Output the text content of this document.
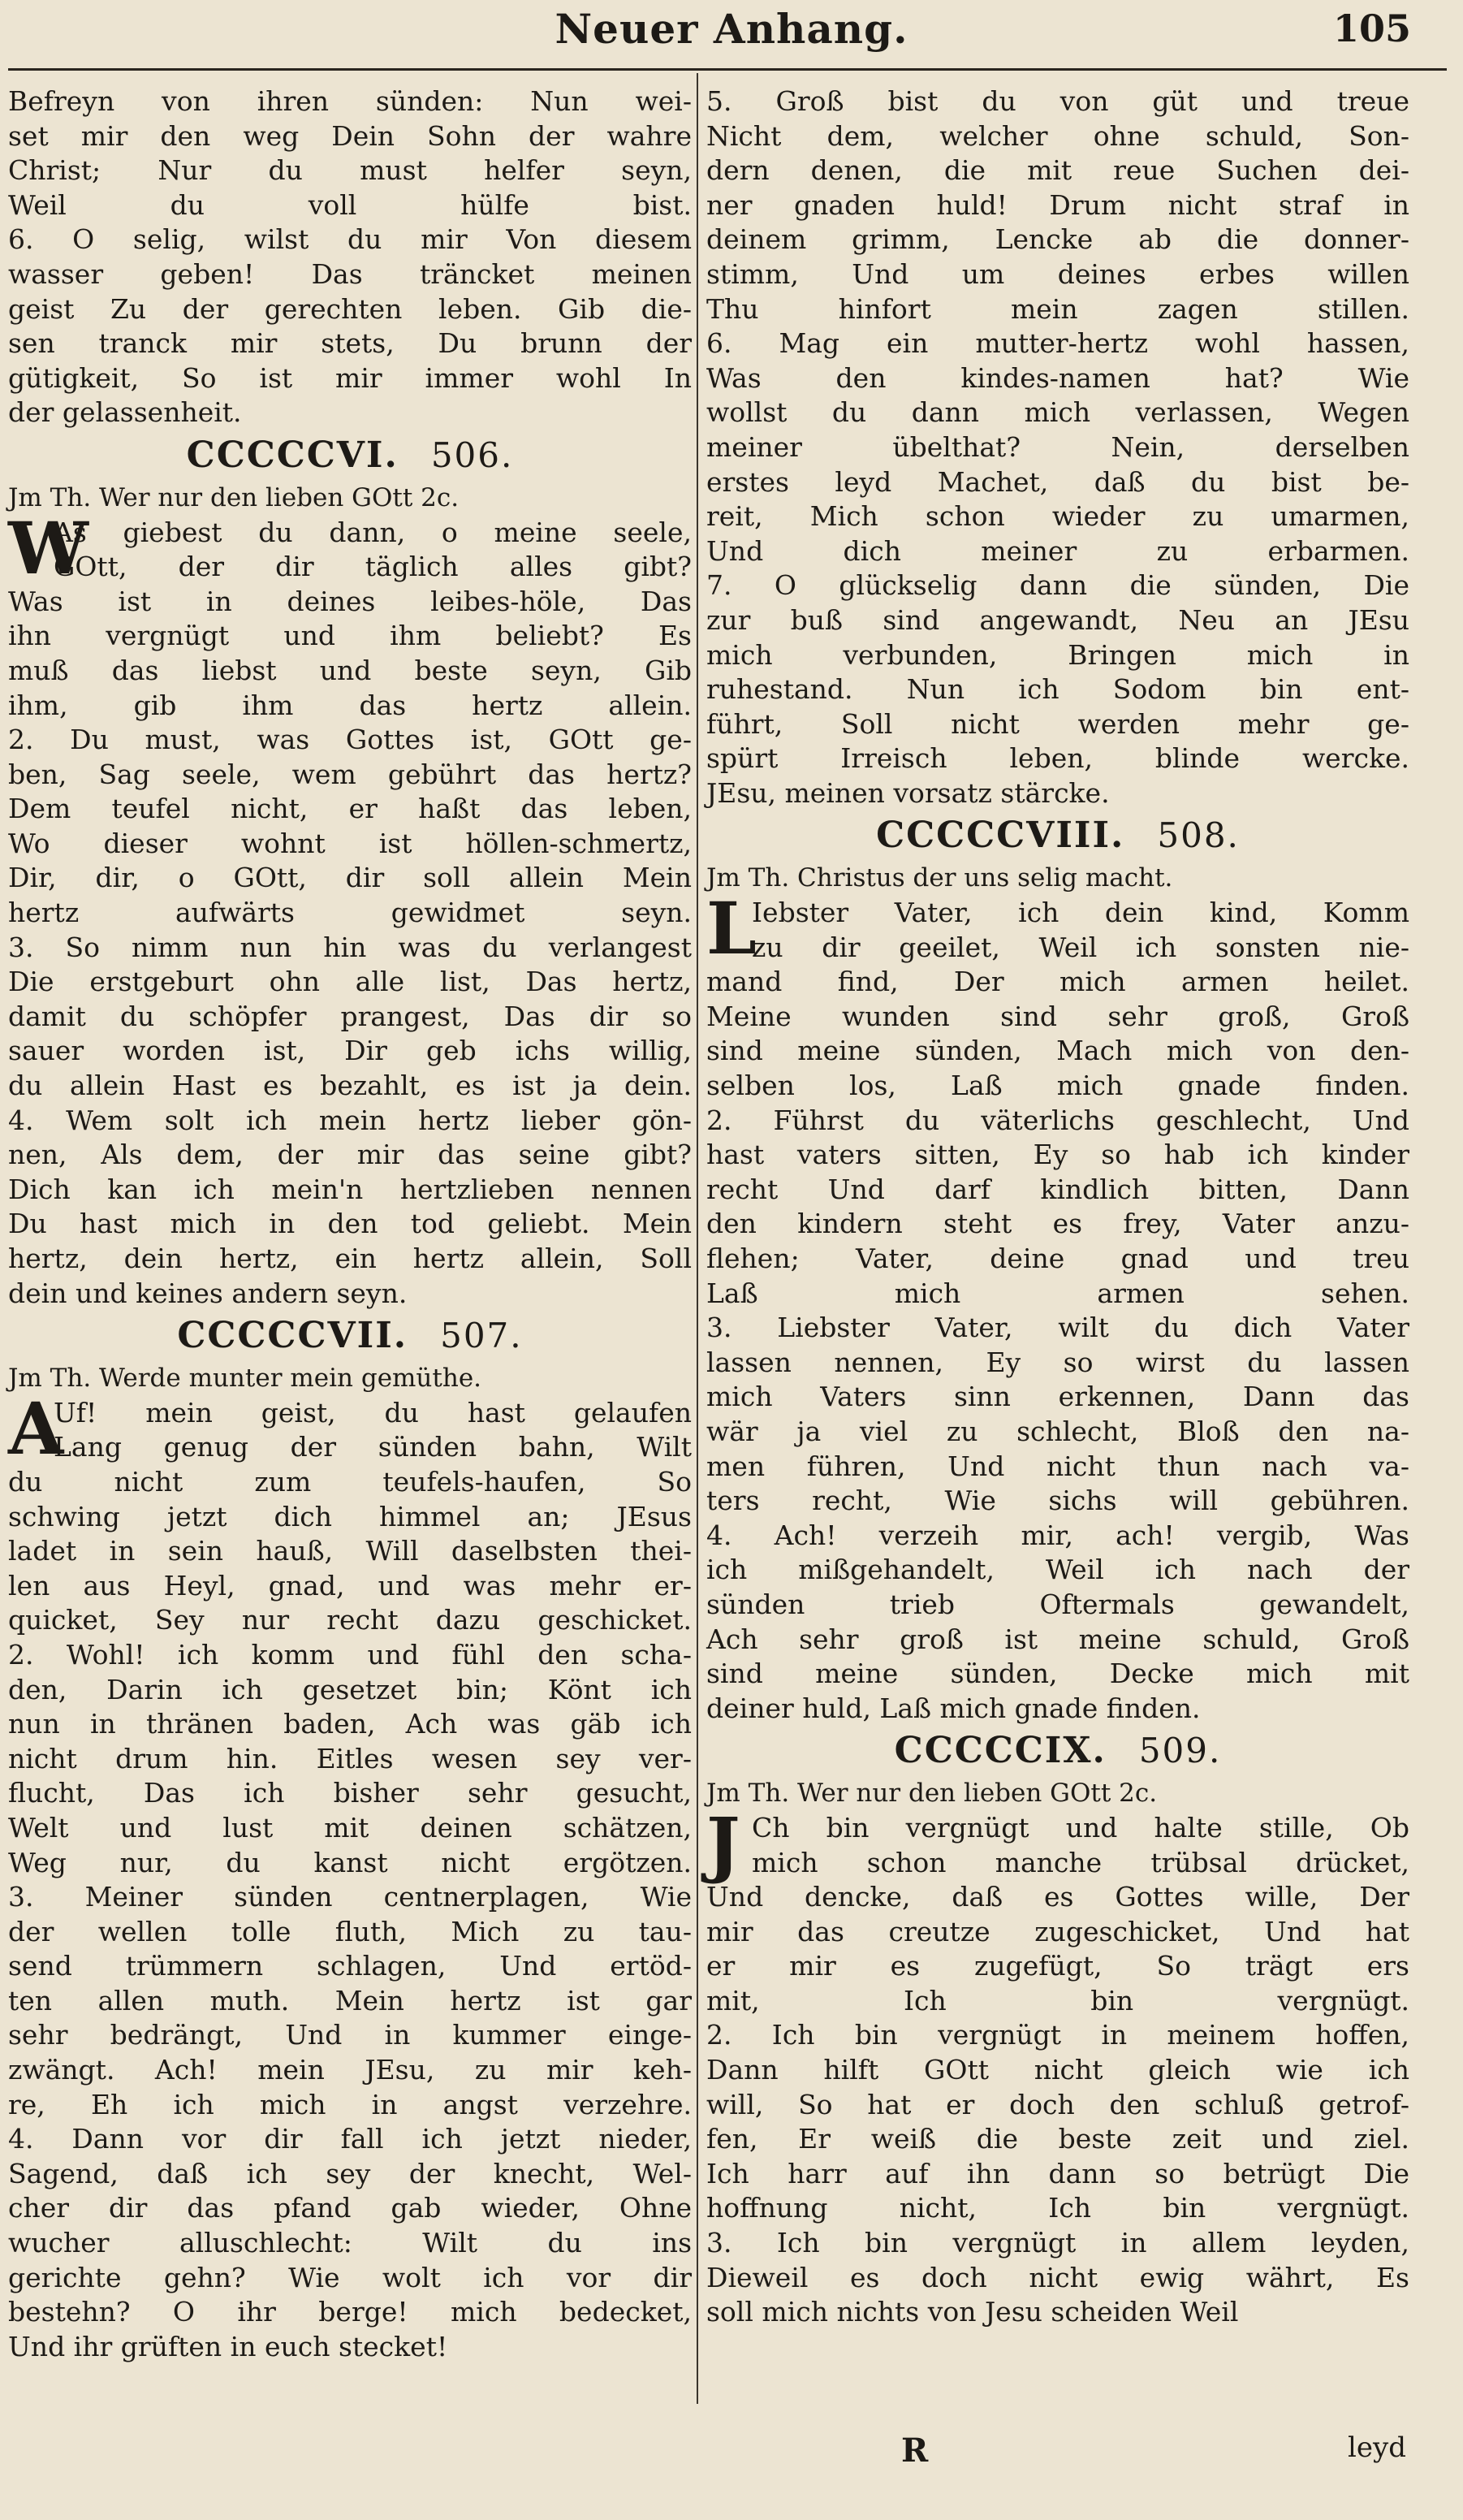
Neuer Anhang.	105
Befreyn von ihren sünden: Nun wei-
set mir den weg Dein Sohn der wahre
Christ; Nur du must helfer seyn,
Weil du voll hülfe bist.
6. O selig, wilst du mir Von diesem
wasser geben! Das träncket meinen
geist Zu der gerechten leben. Gib die-
sen tranck mir stets, Du brunn der
gütigkeit, So ist mir immer wohl In
der gelassenheit.
CCCCCVI. 506.
Jm Th. Wer nur den lieben GOtt 2c.
W
As giebest du dann, o meine seele,
GOtt, der dir täglich alles gibt?
Was ist in deines leibes-höle, Das
ihn vergnügt und ihm beliebt? Es
muß das liebst und beste seyn, Gib
ihm, gib ihm das hertz allein.
2. Du must, was Gottes ist, GOtt ge-
ben, Sag seele, wem gebührt das hertz?
Dem teufel nicht, er haßt das leben,
Wo dieser wohnt ist höllen-schmertz,
Dir, dir, o GOtt, dir soll allein Mein
hertz aufwärts gewidmet seyn.
3. So nimm nun hin was du verlangest
Die erstgeburt ohn alle list, Das hertz,
damit du schöpfer prangest, Das dir so
sauer worden ist, Dir geb ichs willig,
du allein Hast es bezahlt, es ist ja dein.
4. Wem solt ich mein hertz lieber gön-
nen, Als dem, der mir das seine gibt?
Dich kan ich mein'n hertzlieben nennen
Du hast mich in den tod geliebt. Mein
hertz, dein hertz, ein hertz allein, Soll
dein und keines andern seyn.
CCCCCVII. 507.
Jm Th. Werde munter mein gemüthe.
A
Uf! mein geist, du hast gelaufen
Lang genug der sünden bahn, Wilt
du nicht zum teufels-haufen, So
schwing jetzt dich himmel an; JEsus
ladet in sein hauß, Will daselbsten thei-
len aus Heyl, gnad, und was mehr er-
quicket, Sey nur recht dazu geschicket.
2. Wohl! ich komm und fühl den scha-
den, Darin ich gesetzet bin; Könt ich
nun in thränen baden, Ach was gäb ich
nicht drum hin. Eitles wesen sey ver-
flucht, Das ich bisher sehr gesucht,
Welt und lust mit deinen schätzen,
Weg nur, du kanst nicht ergötzen.
3. Meiner sünden centnerplagen, Wie
der wellen tolle fluth, Mich zu tau-
send trümmern schlagen, Und ertöd-
ten allen muth. Mein hertz ist gar
sehr bedrängt, Und in kummer einge-
zwängt. Ach! mein JEsu, zu mir keh-
re, Eh ich mich in angst verzehre.
4. Dann vor dir fall ich jetzt nieder,
Sagend, daß ich sey der knecht, Wel-
cher dir das pfand gab wieder, Ohne
wucher alluschlecht: Wilt du ins
gerichte gehn? Wie wolt ich vor dir
bestehn? O ihr berge! mich bedecket,
Und ihr grüften in euch stecket!
5. Groß bist du von güt und treue
Nicht dem, welcher ohne schuld, Son-
dern denen, die mit reue Suchen dei-
ner gnaden huld! Drum nicht straf in
deinem grimm, Lencke ab die donner-
stimm, Und um deines erbes willen
Thu hinfort mein zagen stillen.
6. Mag ein mutter-hertz wohl hassen,
Was den kindes-namen hat? Wie
wollst du dann mich verlassen, Wegen
meiner übelthat? Nein, derselben
erstes leyd Machet, daß du bist be-
reit, Mich schon wieder zu umarmen,
Und dich meiner zu erbarmen.
7. O glückselig dann die sünden, Die
zur buß sind angewandt, Neu an JEsu
mich verbunden, Bringen mich in
ruhestand. Nun ich Sodom bin ent-
führt, Soll nicht werden mehr ge-
spürt Irreisch leben, blinde wercke.
JEsu, meinen vorsatz stärcke.
CCCCCVIII. 508.
Jm Th. Christus der uns selig macht.
L
Iebster Vater, ich dein kind, Komm
zu dir geeilet, Weil ich sonsten nie-
mand find, Der mich armen heilet.
Meine wunden sind sehr groß, Groß
sind meine sünden, Mach mich von den-
selben los, Laß mich gnade finden.
2. Führst du väterlichs geschlecht, Und
hast vaters sitten, Ey so hab ich kinder
recht Und darf kindlich bitten, Dann
den kindern steht es frey, Vater anzu-
flehen; Vater, deine gnad und treu
Laß mich armen sehen.
3. Liebster Vater, wilt du dich Vater
lassen nennen, Ey so wirst du lassen
mich Vaters sinn erkennen, Dann das
wär ja viel zu schlecht, Bloß den na-
men führen, Und nicht thun nach va-
ters recht, Wie sichs will gebühren.
4. Ach! verzeih mir, ach! vergib, Was
ich mißgehandelt, Weil ich nach der
sünden trieb Oftermals gewandelt,
Ach sehr groß ist meine schuld, Groß
sind meine sünden, Decke mich mit
deiner huld, Laß mich gnade finden.
CCCCCIX. 509.
Jm Th. Wer nur den lieben GOtt 2c.
J Ch bin vergnügt und halte stille, Ob
mich schon manche trübsal drücket,
Und dencke, daß es Gottes wille, Der
mir das creutze zugeschicket, Und hat
er mir es zugefügt, So trägt ers
mit, Ich bin vergnügt.
2. Ich bin vergnügt in meinem hoffen,
Dann hilft GOtt nicht gleich wie ich
will, So hat er doch den schluß getrof-
fen, Er weiß die beste zeit und ziel.
Ich harr auf ihn dann so betrügt Die
hoffnung nicht, Ich bin vergnügt.
3. Ich bin vergnügt in allem leyden,
Dieweil es doch nicht ewig währt, Es
soll mich nichts von Jesu scheiden Weil
R	leyd
